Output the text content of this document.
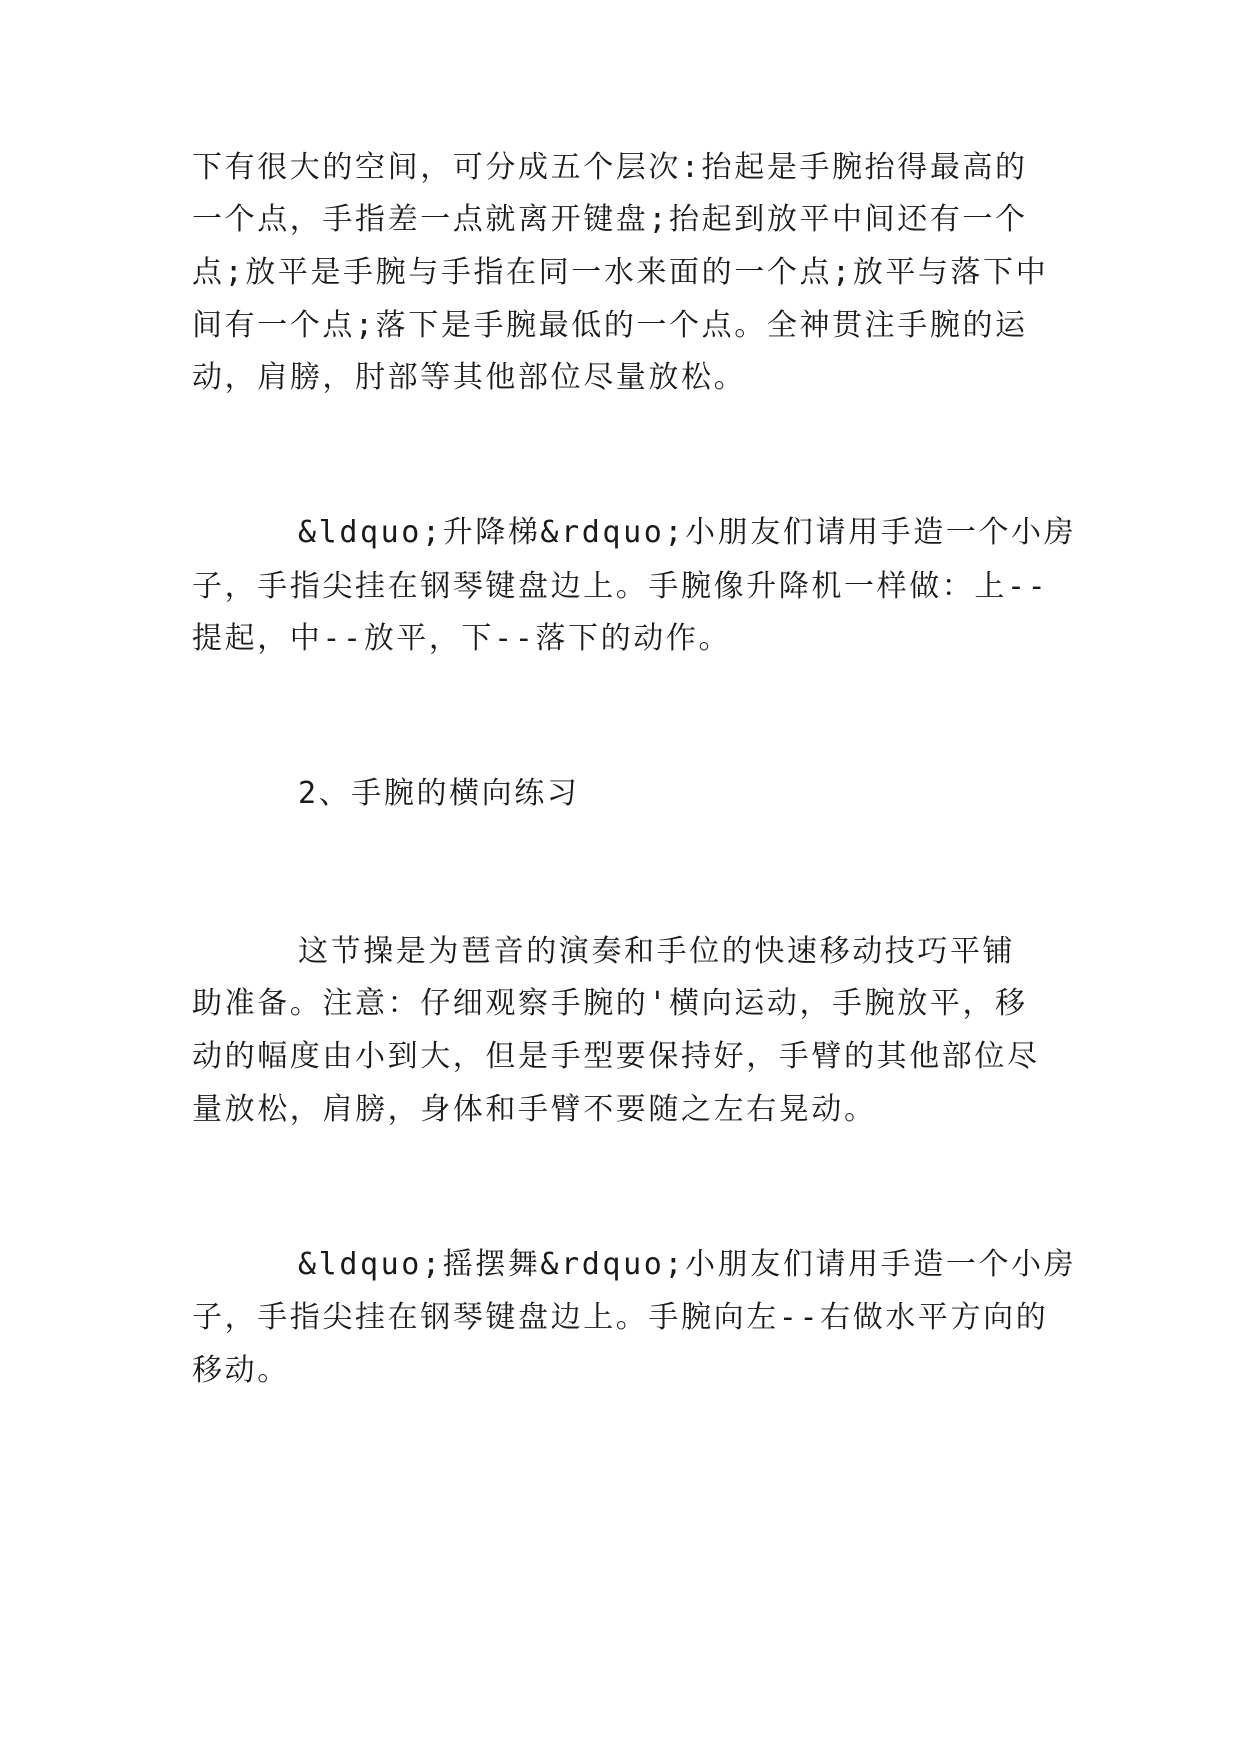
下有很大的空间，可分成五个层次:抬起是手腕抬得最高的
一个点，手指差一点就离开键盘;抬起到放平中间还有一个
点;放平是手腕与手指在同一水来面的一个点;放平与落下中
间有一个点;落下是手腕最低的一个点。全神贯注手腕的运
动，肩膀，肘部等其他部位尽量放松。
&ldquo;升降梯&rdquo;小朋友们请用手造一个小房
子，手指尖挂在钢琴键盘边上。手腕像升降机一样做：上--
提起，中--放平，下--落下的动作。
2、手腕的横向练习
这节操是为琶音的演奏和手位的快速移动技巧平铺
助准备。注意：仔细观察手腕的'横向运动，手腕放平，移
动的幅度由小到大，但是手型要保持好，手臂的其他部位尽
量放松，肩膀，身体和手臂不要随之左右晃动。
&ldquo;摇摆舞&rdquo;小朋友们请用手造一个小房
子，手指尖挂在钢琴键盘边上。手腕向左--右做水平方向的
移动。
